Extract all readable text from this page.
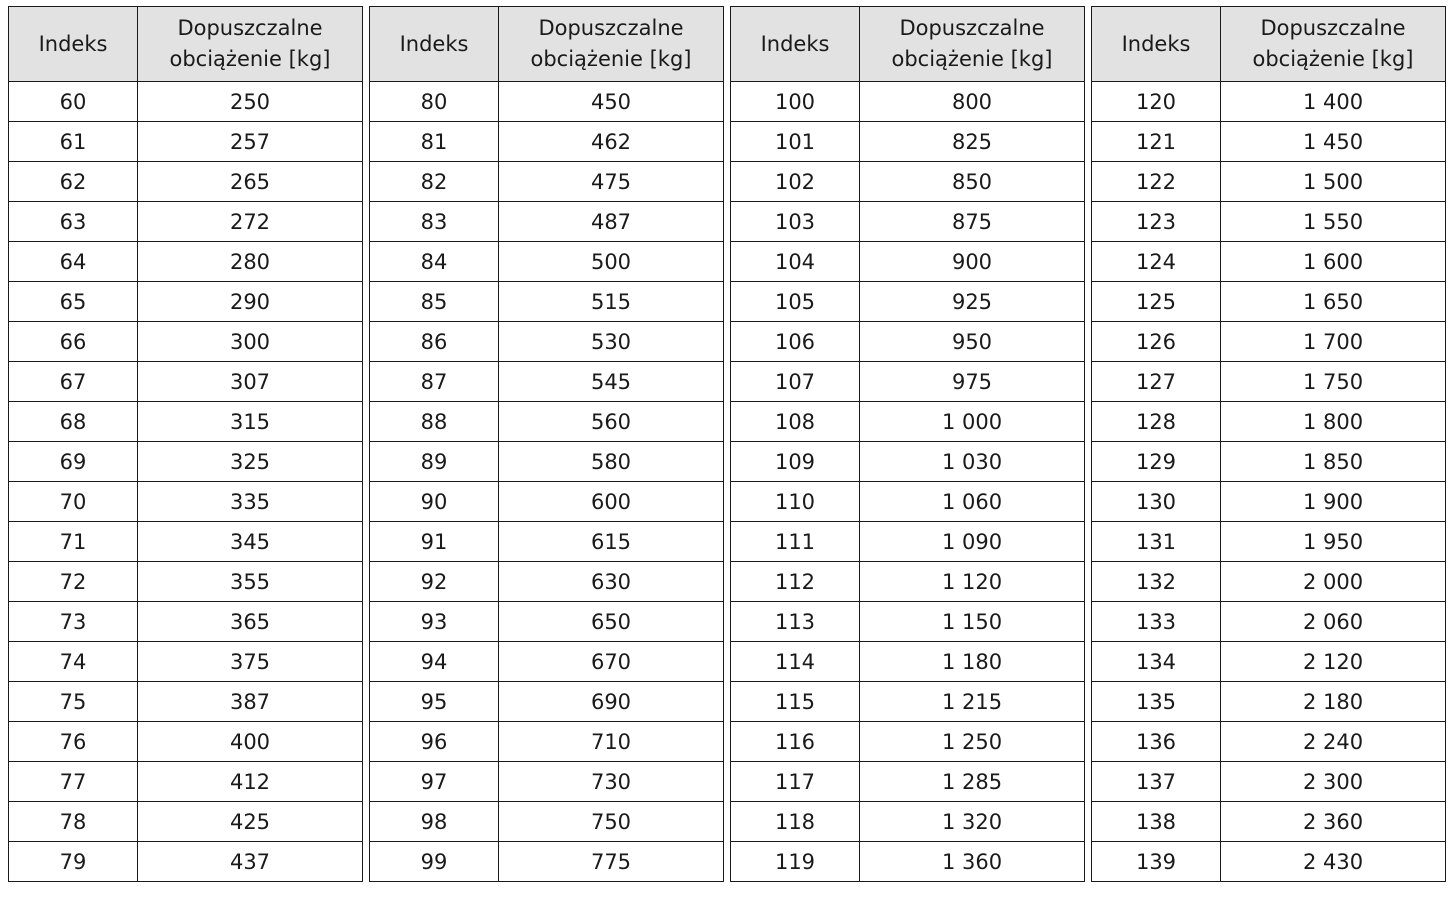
Indeks	Dopuszczalne obciążenie [kg]
60	250
61	257
62	265
63	272
64	280
65	290
66	300
67	307
68	315
69	325
70	335
71	345
72	355
73	365
74	375
75	387
76	400
77	412
78	425
79	437
Indeks	Dopuszczalne obciążenie [kg]
80	450
81	462
82	475
83	487
84	500
85	515
86	530
87	545
88	560
89	580
90	600
91	615
92	630
93	650
94	670
95	690
96	710
97	730
98	750
99	775
Indeks	Dopuszczalne obciążenie [kg]
100	800
101	825
102	850
103	875
104	900
105	925
106	950
107	975
108	1 000
109	1 030
110	1 060
111	1 090
112	1 120
113	1 150
114	1 180
115	1 215
116	1 250
117	1 285
118	1 320
119	1 360
Indeks	Dopuszczalne obciążenie [kg]
120	1 400
121	1 450
122	1 500
123	1 550
124	1 600
125	1 650
126	1 700
127	1 750
128	1 800
129	1 850
130	1 900
131	1 950
132	2 000
133	2 060
134	2 120
135	2 180
136	2 240
137	2 300
138	2 360
139	2 430
